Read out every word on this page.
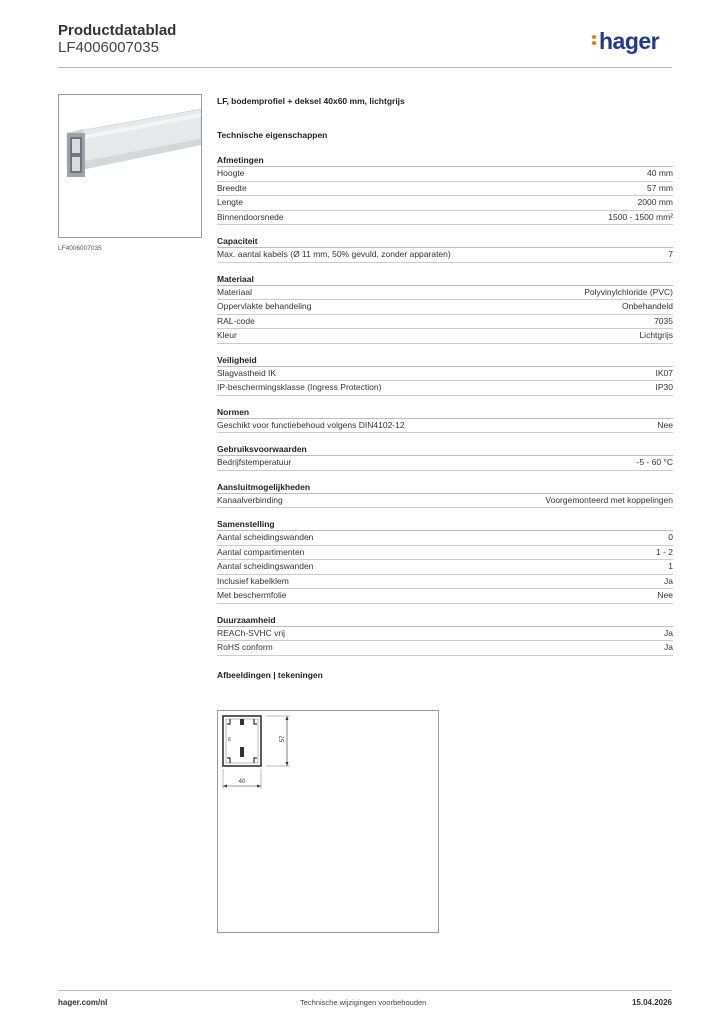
Productdatablad
LF4006007035	hager
LF4006007035
LF, bodemprofiel + deksel 40x60 mm, lichtgrijs
Technische eigenschappen
Afmetingen
Hoogte	40 mm
Breedte	57 mm
Lengte	2000 mm
Binnendoorsnede	1500 - 1500 mm²
Capaciteit
Max. aantal kabels (Ø 11 mm, 50% gevuld, zonder apparaten)	7
Materiaal
Materiaal	Polyvinylchloride (PVC)
Oppervlakte behandeling	Onbehandeld
RAL-code	7035
Kleur	Lichtgrijs
Veiligheid
Slagvastheid IK	IK07
IP-beschermingsklasse (Ingress Protection)	IP30
Normen
Geschikt voor functiebehoud volgens DIN4102-12	Nee
Gebruiksvoorwaarden
Bedrijfstemperatuur	-5 - 60 °C
Aansluitmogelijkheden
Kanaalverbinding	Voorgemonteerd met koppelingen
Samenstelling
Aantal scheidingswanden	0
Aantal compartimenten	1 - 2
Aantal scheidingswanden	1
Inclusief kabelklem	Ja
Met beschermfolie	Nee
Duurzaamheid
REACh-SVHC vrij	Ja
RoHS conform	Ja
Afbeeldingen | tekeningen
6	57
40
hager.com/nl	Technische wijzigingen voorbehouden	15.04.2026
